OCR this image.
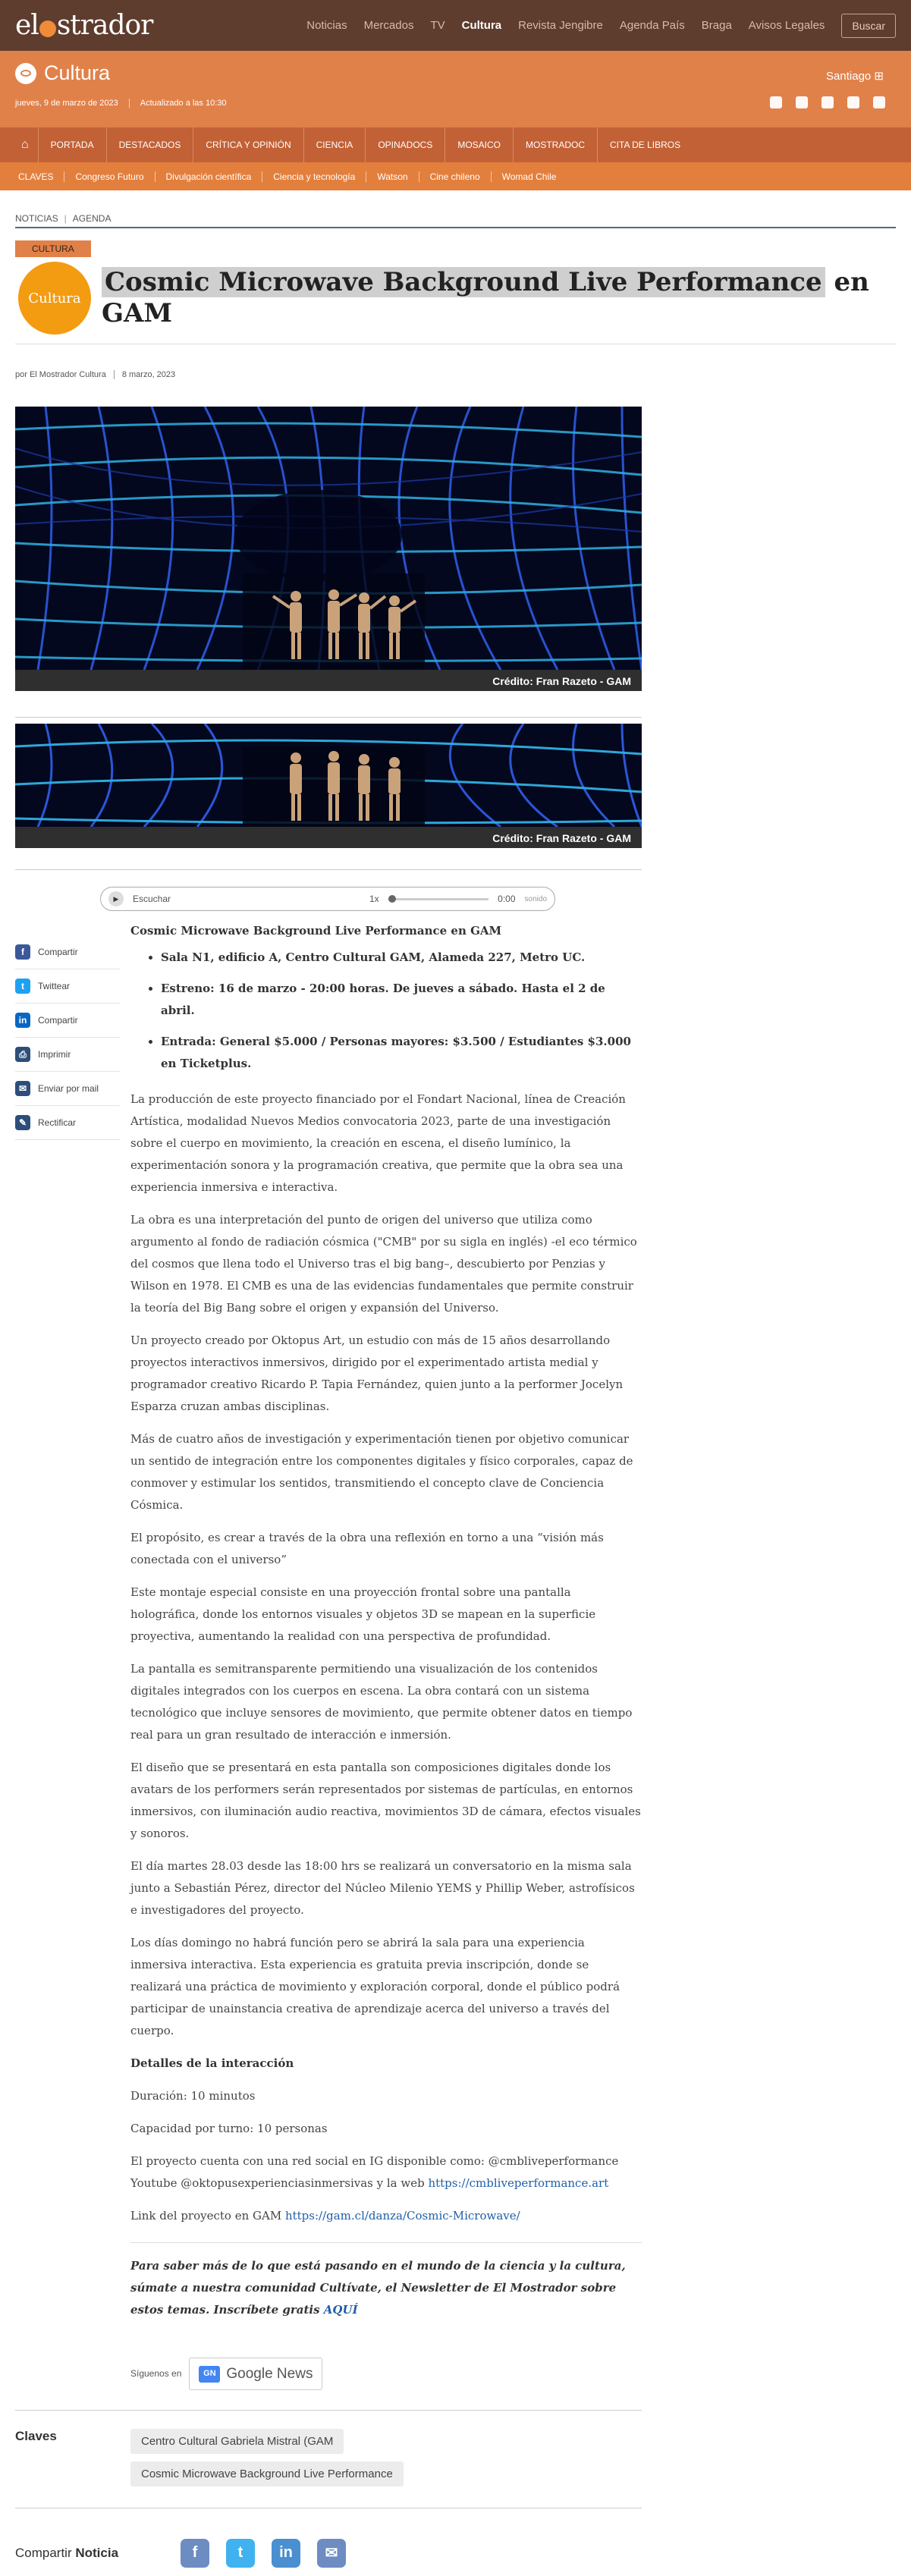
el strador	Noticias Mercados TV Cultura Revista Jengibre Agenda País Braga Avisos Legales	Buscar
Cultura
jueves, 9 de marzo de 2023	Actualizado a las 10:30
Santiago ⊞
⌂	PORTADA	DESTACADOS	CRÍTICA Y OPINIÓN	CIENCIA	OPINADOCS	MOSAICO	MOSTRADOC	CITA DE LIBROS
CLAVES	Congreso Futuro	Divulgación científica	Ciencia y tecnología	Watson	Cine chileno	Womad Chile
NOTICIAS | AGENDA
CULTURA
Cultura
Cosmic Microwave Background Live Performance en GAM
por El Mostrador Cultura 8 marzo, 2023
Crédito: Fran Razeto - GAM
Crédito: Fran Razeto - GAM
▶	Escuchar	1x	0:00 sonido
f	Compartir
t	Twittear
in	Compartir
⎙	Imprimir
✉	Enviar por mail
✎	Rectificar

Cosmic Microwave Background Live Performance en GAM

• Sala N1, edificio A, Centro Cultural GAM, Alameda 227, Metro UC.
• Estreno: 16 de marzo - 20:00 horas. De jueves a sábado. Hasta el 2 de abril.
• Entrada: General $5.000 / Personas mayores: $3.500 / Estudiantes $3.000 en Ticketplus.

La producción de este proyecto financiado por el Fondart Nacional, línea de Creación Artística, modalidad Nuevos Medios convocatoria 2023, parte de una investigación sobre el cuerpo en movimiento, la creación en escena, el diseño lumínico, la experimentación sonora y la programación creativa, que permite que la obra sea una experiencia inmersiva e interactiva.

La obra es una interpretación del punto de origen del universo que utiliza como argumento al fondo de radiación cósmica ("CMB" por su sigla en inglés) -el eco térmico del cosmos que llena todo el Universo tras el big bang–, descubierto por Penzias y Wilson en 1978. El CMB es una de las evidencias fundamentales que permite construir la teoría del Big Bang sobre el origen y expansión del Universo.

Un proyecto creado por Oktopus Art, un estudio con más de 15 años desarrollando proyectos interactivos inmersivos, dirigido por el experimentado artista medial y programador creativo Ricardo P. Tapia Fernández, quien junto a la performer Jocelyn Esparza cruzan ambas disciplinas.

Más de cuatro años de investigación y experimentación tienen por objetivo comunicar un sentido de integración entre los componentes digitales y físico corporales, capaz de conmover y estimular los sentidos, transmitiendo el concepto clave de Conciencia Cósmica.

El propósito, es crear a través de la obra una reflexión en torno a una “visión más conectada con el universo”

Este montaje especial consiste en una proyección frontal sobre una pantalla holográfica, donde los entornos visuales y objetos 3D se mapean en la superficie proyectiva, aumentando la realidad con una perspectiva de profundidad.

La pantalla es semitransparente permitiendo una visualización de los contenidos digitales integrados con los cuerpos en escena. La obra contará con un sistema tecnológico que incluye sensores de movimiento, que permite obtener datos en tiempo real para un gran resultado de interacción e inmersión.

El diseño que se presentará en esta pantalla son composiciones digitales donde los avatars de los performers serán representados por sistemas de partículas, en entornos inmersivos, con iluminación audio reactiva, movimientos 3D de cámara, efectos visuales y sonoros.

El día martes 28.03 desde las 18:00 hrs se realizará un conversatorio en la misma sala junto a Sebastián Pérez, director del Núcleo Milenio YEMS y Phillip Weber, astrofísicos e investigadores del proyecto.

Los días domingo no habrá función pero se abrirá la sala para una experiencia inmersiva interactiva. Esta experiencia es gratuita previa inscripción, donde se realizará una práctica de movimiento y exploración corporal, donde el público podrá participar de unainstancia creativa de aprendizaje acerca del universo a través del cuerpo.

Detalles de la interacción

Duración: 10 minutos

Capacidad por turno: 10 personas

El proyecto cuenta con una red social en IG disponible como: @cmbliveperformance
Youtube @oktopusexperienciasinmersivas y la web https://cmbliveperformance.art

Link del proyecto en GAM https://gam.cl/danza/Cosmic-Microwave/

Para saber más de lo que está pasando en el mundo de la ciencia y la cultura, súmate a nuestra comunidad Cultívate, el Newsletter de El Mostrador sobre estos temas. Inscríbete gratis AQUÍ

Síguenos en	GN Google News
Claves	Centro Cultural Gabriela Mistral (GAM
Cosmic Microwave Background Live Performance
Compartir Noticia	f	t	in	✉
